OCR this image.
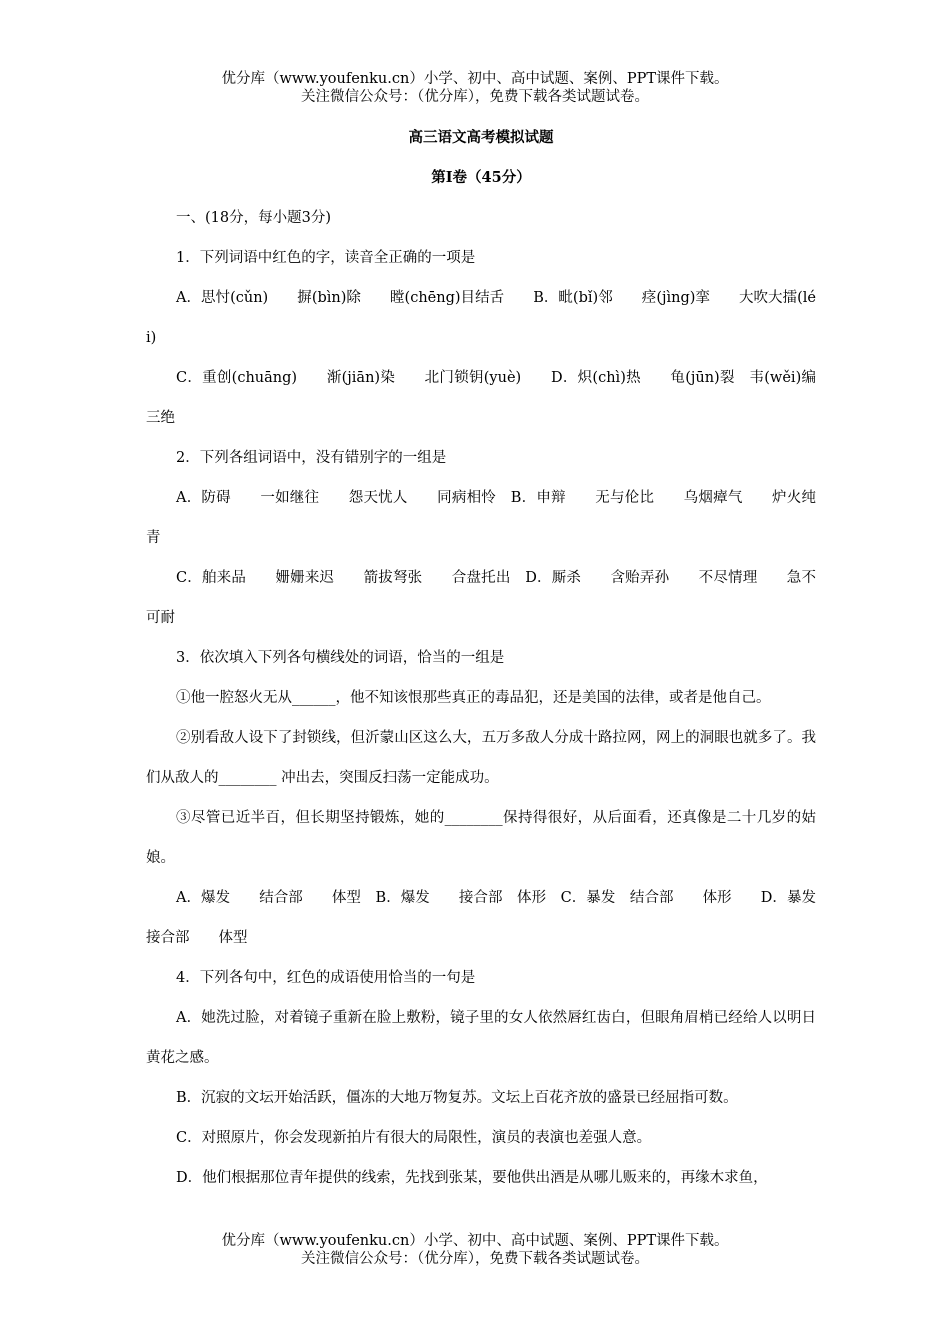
优分库（www.youfenku.cn）小学、初中、高中试题、案例、PPT课件下载。
关注微信公众号：（优分库），免费下载各类试题试卷。
高三语文高考模拟试题
第I卷（45分）

一、(18分，每小题3分)

1．下列词语中红色的字，读音全正确的一项是

A．思忖(cǔn)　　摒(bìn)除　　瞠(chēng)目结舌　　B．毗(bǐ)邻　　痉(jìng)挛　　大吹大擂(léi)

C．重创(chuāng)　　渐(jiān)染　　北门锁钥(yuè)　　D．炽(chì)热　　龟(jūn)裂　韦(wěi)编三绝

2．下列各组词语中，没有错别字的一组是

A．防碍　　一如继往　　怨天忧人　　同病相怜　B．申辩　　无与伦比　　乌烟瘴气　　炉火纯青

C．舶来品　　姗姗来迟　　箭拔弩张　　合盘托出　D．厮杀　　含贻弄孙　　不尽情理　　急不可耐

3．依次填入下列各句横线处的词语，恰当的一组是

①他一腔怒火无从______，他不知该恨那些真正的毒品犯，还是美国的法律，或者是他自己。

②别看敌人设下了封锁线，但沂蒙山区这么大，五万多敌人分成十路拉网，网上的洞眼也就多了。我们从敌人的________ 冲出去，突围反扫荡一定能成功。

③尽管已近半百，但长期坚持锻炼，她的________保持得很好，从后面看，还真像是二十几岁的姑娘。

A．爆发　　结合部　　体型　B．爆发　　接合部　体形　C．暴发　结合部　　体形　　D．暴发　　接合部　　体型

4．下列各句中，红色的成语使用恰当的一句是

A．她洗过脸，对着镜子重新在脸上敷粉，镜子里的女人依然唇红齿白，但眼角眉梢已经给人以明日黄花之感。

B．沉寂的文坛开始活跃，僵冻的大地万物复苏。文坛上百花齐放的盛景已经屈指可数。

C．对照原片，你会发现新拍片有很大的局限性，演员的表演也差强人意。

D．他们根据那位青年提供的线索，先找到张某，要他供出酒是从哪儿贩来的，再缘木求鱼，

优分库（www.youfenku.cn）小学、初中、高中试题、案例、PPT课件下载。
关注微信公众号：（优分库），免费下载各类试题试卷。
